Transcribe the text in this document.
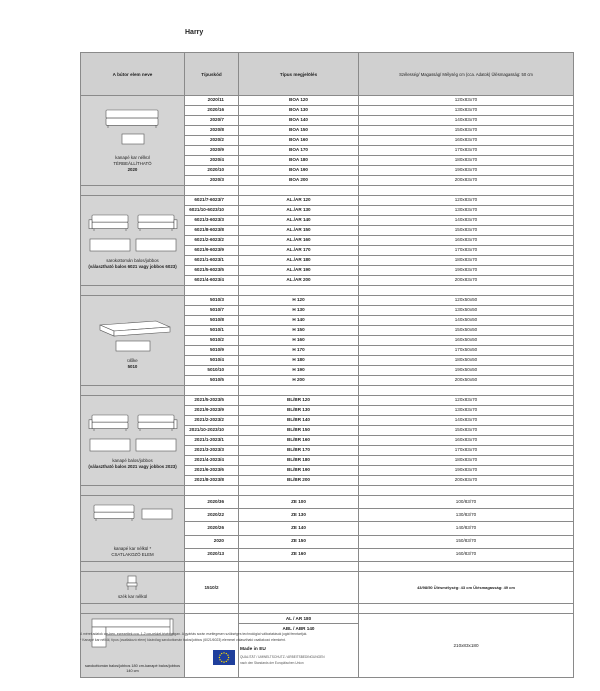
Harry
A bútor elem neve	Típuskód	Típus megjelölés	Szélesség/ Magasság/ Mélység cm (cca. Adatok) Ülésmagasság: 50 cm

kanapé kar nélkül
TÉRBEÁLLÍTHATÓ
2020	2020/11	BOA 120	120x83x70
	2020/16	BOA 130	130x83x70
	2020/7	BOA 140	140x83x70
	2020/8	BOA 150	150x83x70
	2020/2	BOA 160	160x83x70
	2020/9	BOA 170	170x83x70
	2020/4	BOA 180	180x83x70
	2020/10	BOA 190	190x83x70
	2020/3	BOA 200	200x83x70

sarokottomán balos/jobbos
(választható balos 6021 vagy jobbos 6023)	6021/7-6023/7	AL./AR 120	120x83x70
	6021/10-6023/10	AL./AR 130	130x83x70
	6021/3-6023/3	AL./AR 140	140x83x70
	6021/8-6023/8	AL./AR 150	150x83x70
	6021/2-6023/2	AL./AR 160	160x83x70
	6021/9-6023/9	AL./AR 170	170x83x70
	6021/1-6023/1	AL./AR 180	180x83x70
	6021/5-6023/5	AL./AR 190	190x83x70
	6021/4-6023/4	AL./AR 200	200x83x70

ülőke
5010	5010/3	H 120	120x50x50
	5010/7	H 130	130x50x50
	5010/8	H 140	140x50x50
	5010/1	H 150	150x50x50
	5010/2	H 160	160x50x50
	5010/9	H 170	170x50x50
	5010/4	H 180	180x50x50
	5010/10	H 190	190x50x50
	5010/5	H 200	200x50x50

kanapé balos/jobbos
(választható balos 2021 vagy jobbos 2023)	2021/5-2023/5	BL/BR 120	120x83x70
	2021/9-2023/9	BL/BR 130	130x83x70
	2021/2-2023/2	BL/BR 140	140x83x70
	2021/10-2023/10	BL/BR 150	150x83x70
	2021/1-2023/1	BL/BR 160	160x83x70
	2021/3-2023/3	BL/BR 170	170x83x70
	2021/4-2023/4	BL/BR 180	180x83x70
	2021/6-2023/6	BL/BR 190	190x83x70
	2021/8-2023/8	BL/BR 200	200x83x70

kanapé kar nélkül *
CSATLAKOZÓ ELEM	2020/36	ZE 100	100/83/70
	2020/22	ZE 130	130/83/70
	2020/26	ZE 140	140/83/70
	2020	ZE 150	150/83/70
	2020/13	ZE 160	160/83/70

szék kar nélkül	1510/2		43/98/50 Ülésmélység: 43 cm Ülésmagasság: 49 cm

sarokottomán balos/jobbos 180 cm-kanapé balos/jobbos 140 cm		AL / AR 180
ABL / ABR 140	210x83x180

A méret adatok cm-ben, ezrezettek cca. 1-2 cm-rekkel tévérhetgan. A gyártás során esetlegesen szükséges technológiai változtatások jogát fenntartjuk.

* Kanapé kar nélkül, típus (csatlakozó elem) kizárólag sarokottomán balos/jobbos (6021/6023) elemmel választható csatlakozó elemként.

Made in EU
QUALITÄT / UMWELTSCHUTZ / ARBEITSBEDINGUNGEN
nach den Standards der Europäischen Union
